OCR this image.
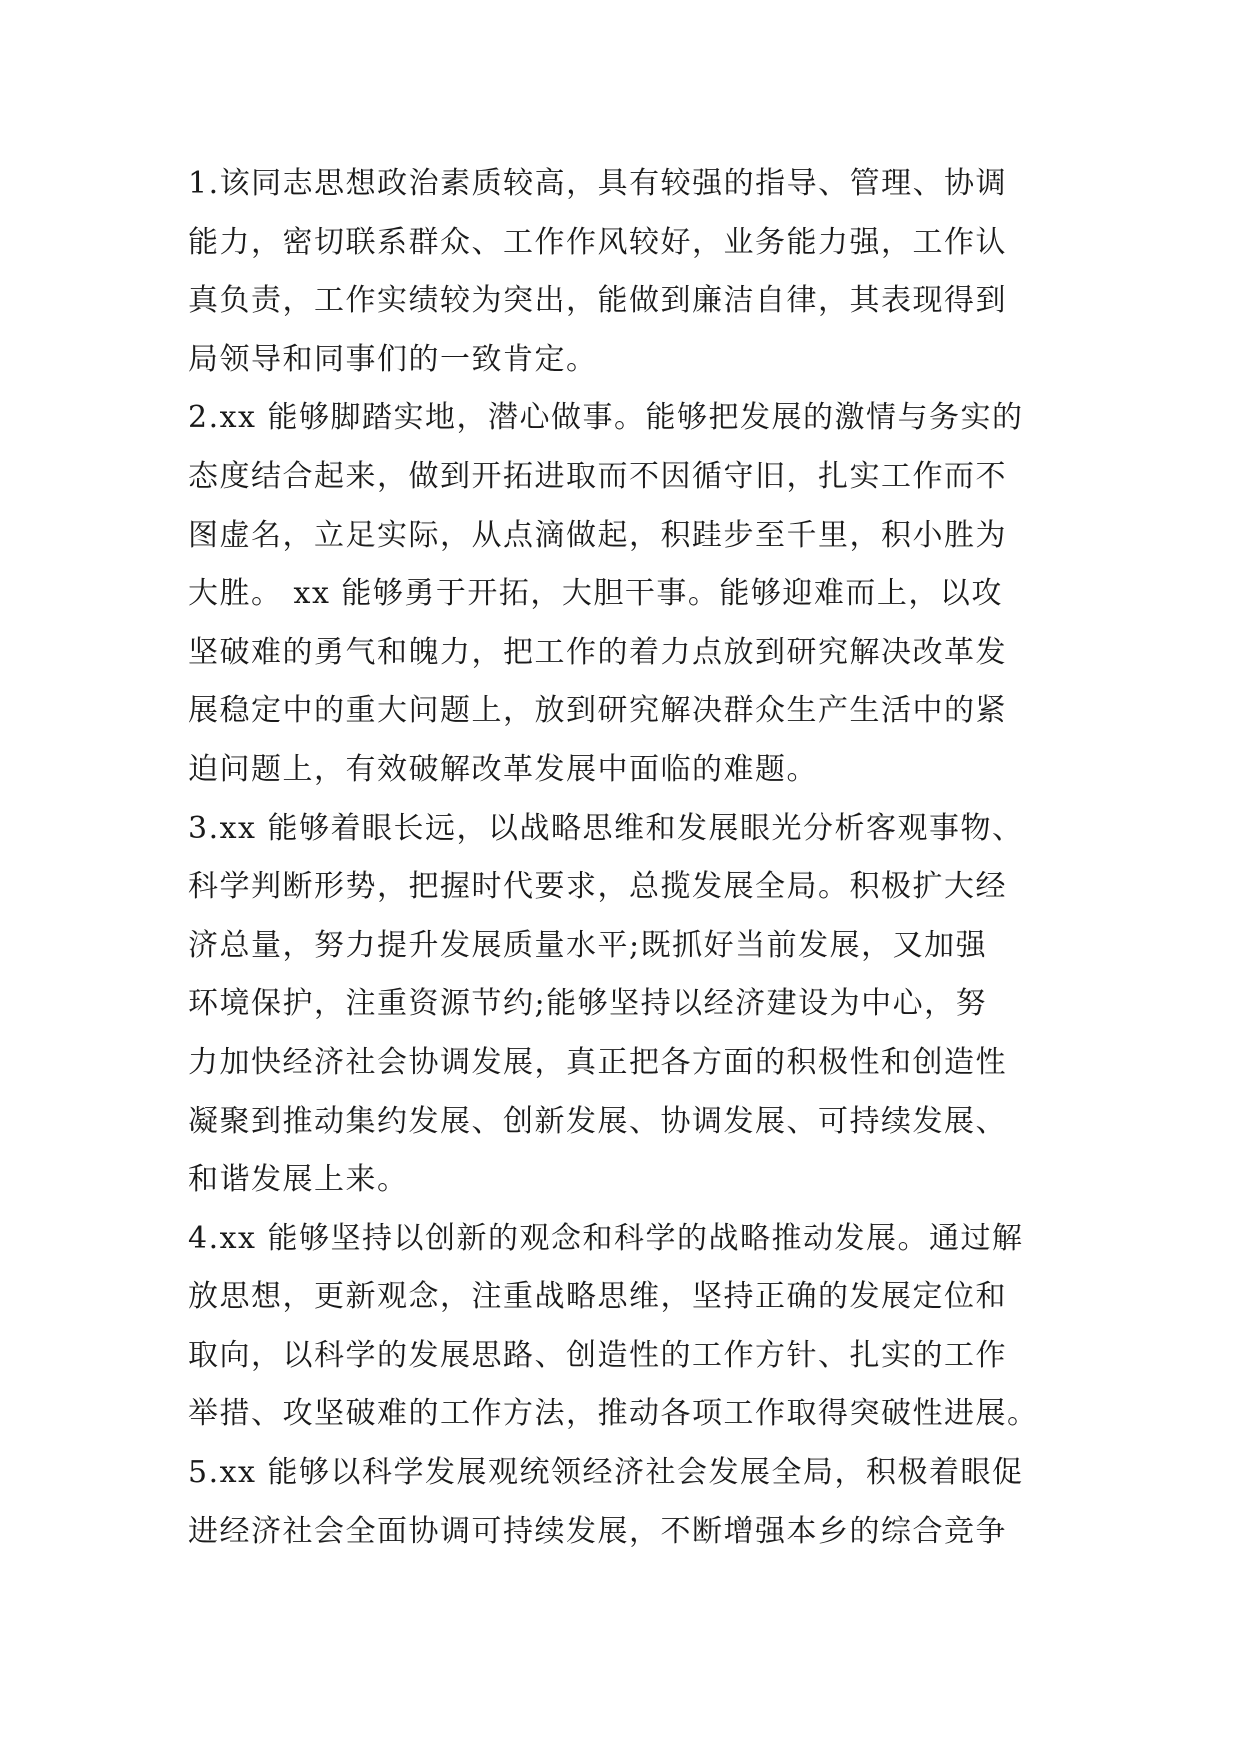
1.该同志思想政治素质较高，具有较强的指导、管理、协调
能力，密切联系群众、工作作风较好，业务能力强，工作认
真负责，工作实绩较为突出，能做到廉洁自律，其表现得到
局领导和同事们的一致肯定。
2.xx 能够脚踏实地，潜心做事。能够把发展的激情与务实的
态度结合起来，做到开拓进取而不因循守旧，扎实工作而不
图虚名，立足实际，从点滴做起，积跬步至千里，积小胜为
大胜。 xx 能够勇于开拓，大胆干事。能够迎难而上，以攻
坚破难的勇气和魄力，把工作的着力点放到研究解决改革发
展稳定中的重大问题上，放到研究解决群众生产生活中的紧
迫问题上，有效破解改革发展中面临的难题。
3.xx 能够着眼长远，以战略思维和发展眼光分析客观事物、
科学判断形势，把握时代要求，总揽发展全局。积极扩大经
济总量，努力提升发展质量水平;既抓好当前发展，又加强
环境保护，注重资源节约;能够坚持以经济建设为中心，努
力加快经济社会协调发展，真正把各方面的积极性和创造性
凝聚到推动集约发展、创新发展、协调发展、可持续发展、
和谐发展上来。
4.xx 能够坚持以创新的观念和科学的战略推动发展。通过解
放思想，更新观念，注重战略思维，坚持正确的发展定位和
取向，以科学的发展思路、创造性的工作方针、扎实的工作
举措、攻坚破难的工作方法，推动各项工作取得突破性进展。
5.xx 能够以科学发展观统领经济社会发展全局，积极着眼促
进经济社会全面协调可持续发展，不断增强本乡的综合竞争
